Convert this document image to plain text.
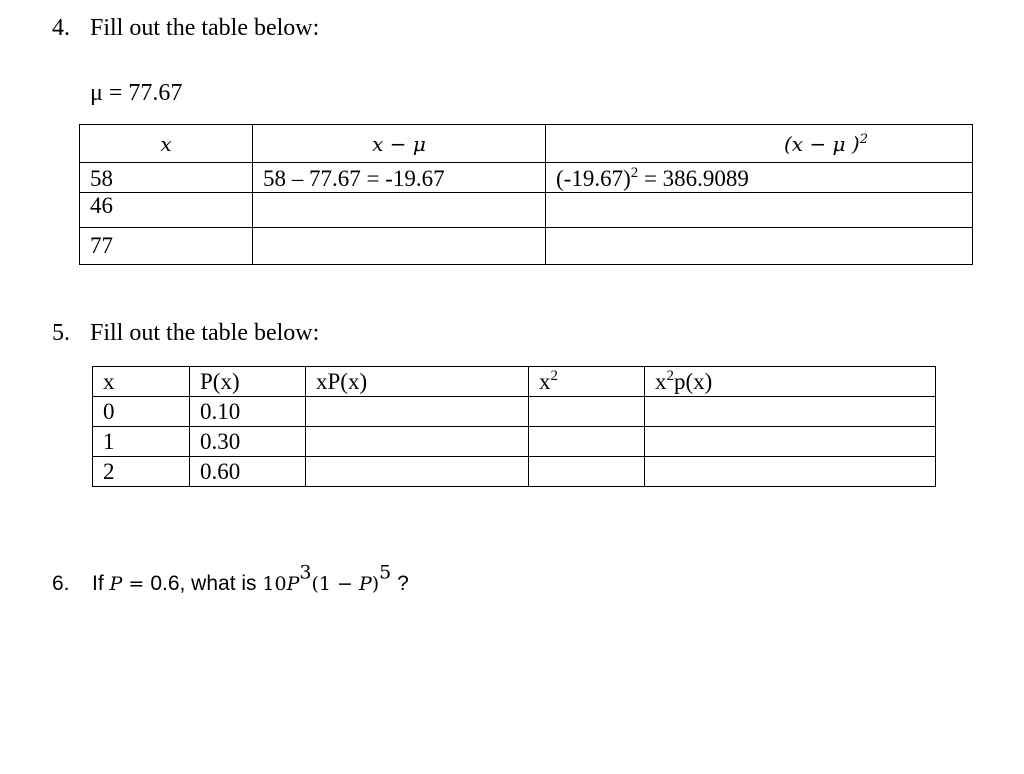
4. Fill out the table below:
μ = 77.67
x	x − μ	(x − μ )$^2$
58	58 – 77.67 = -19.67	$(-19.67)^2 = 386.9089$
46		
77		
5. Fill out the table below:
x	P(x)	xP(x)	$x^2$	$x^2p(x)$
0	0.10			
1	0.30			
2	0.60			
6. If P = 0.6, what is $10P^3(1 - P)^5$ ?
